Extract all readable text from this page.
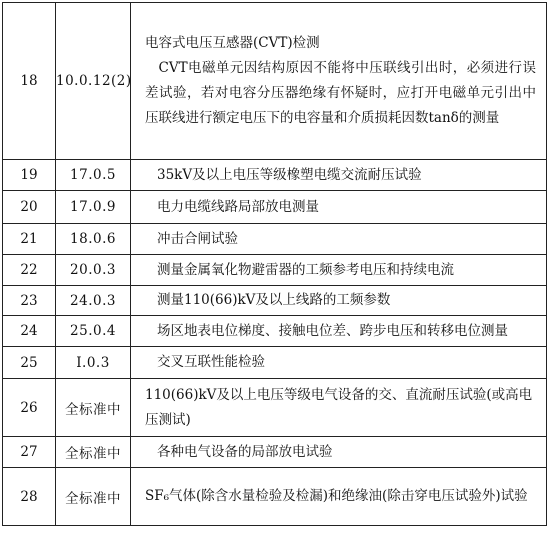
18	10.0.12(2)	电容式电压互感器(CVT)检测
CVT电磁单元因结构原因不能将中压联线引出时，必须进行误差试验，若对电容分压器绝缘有怀疑时，应打开电磁单元引出中压联线进行额定电压下的电容量和介质损耗因数tanδ的测量

19	17.0.5	35kV及以上电压等级橡塑电缆交流耐压试验
20	17.0.9	电力电缆线路局部放电测量
21	18.0.6	冲击合闸试验
22	20.0.3	测量金属氧化物避雷器的工频参考电压和持续电流
23	24.0.3	测量110(66)kV及以上线路的工频参数
24	25.0.4	场区地表电位梯度、接触电位差、跨步电压和转移电位测量
25	I.0.3	交叉互联性能检验
26	全标准中	110(66)kV及以上电压等级电气设备的交、直流耐压试验(或高电压测试)
27	全标准中	各种电气设备的局部放电试验
28	全标准中	SF₆气体(除含水量检验及检漏)和绝缘油(除击穿电压试验外)试验
